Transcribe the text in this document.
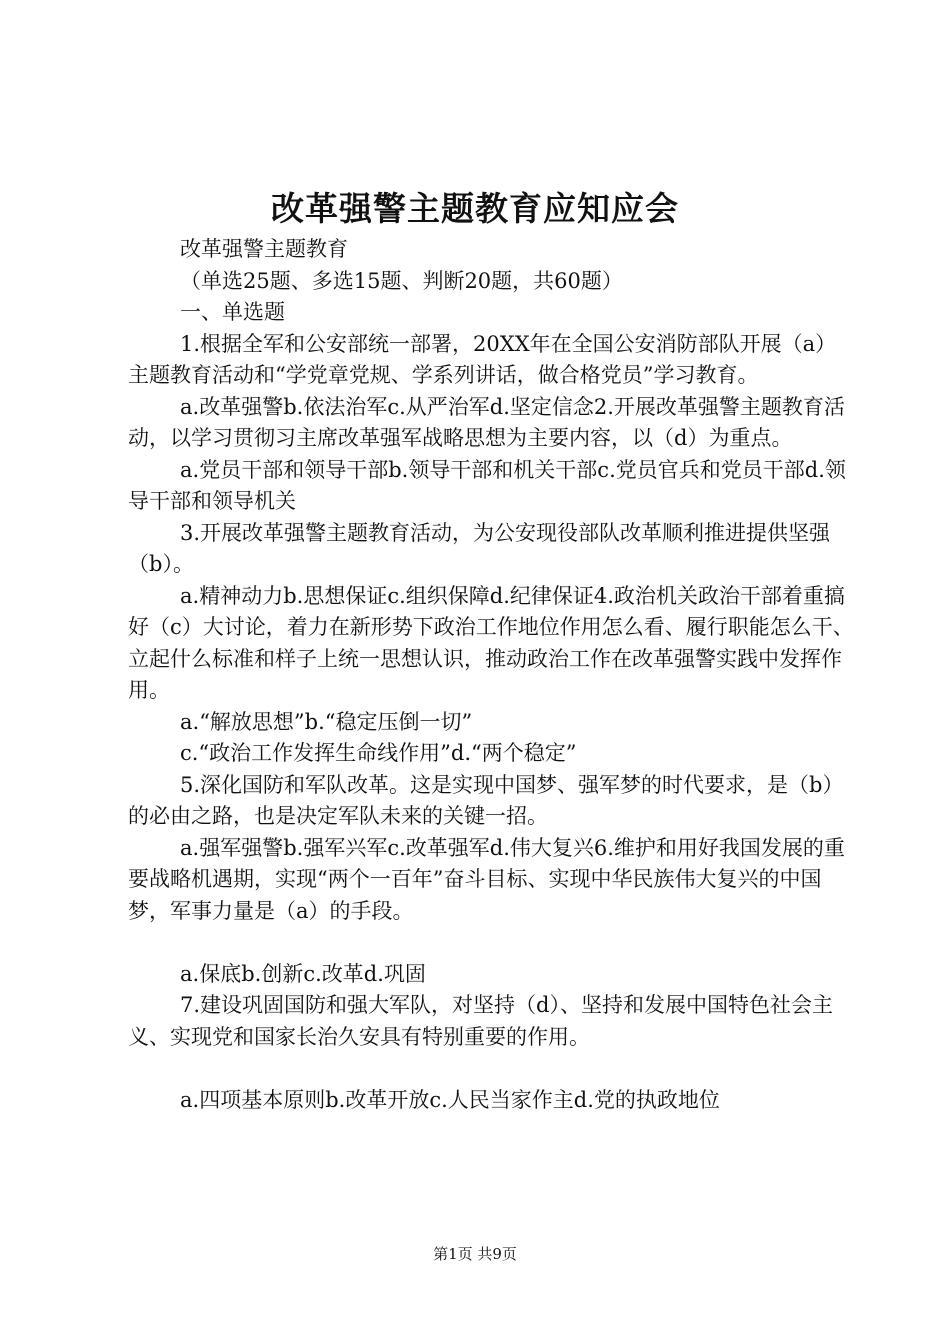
改革强警主题教育应知应会

改革强警主题教育

（单选25题、多选15题、判断20题，共60题）

一、单选题

1.根据全军和公安部统一部署，20XX年在全国公安消防部队开展（a）主题教育活动和“学党章党规、学系列讲话，做合格党员”学习教育。

a.改革强警b.依法治军c.从严治军d.坚定信念2.开展改革强警主题教育活动，以学习贯彻习主席改革强军战略思想为主要内容，以（d）为重点。

a.党员干部和领导干部b.领导干部和机关干部c.党员官兵和党员干部d.领导干部和领导机关

3.开展改革强警主题教育活动，为公安现役部队改革顺利推进提供坚强（b）。

a.精神动力b.思想保证c.组织保障d.纪律保证4.政治机关政治干部着重搞好（c）大讨论，着力在新形势下政治工作地位作用怎么看、履行职能怎么干、立起什么标准和样子上统一思想认识，推动政治工作在改革强警实践中发挥作用。

a.“解放思想”b.“稳定压倒一切”

c.“政治工作发挥生命线作用”d.“两个稳定”

5.深化国防和军队改革。这是实现中国梦、强军梦的时代要求，是（b）的必由之路，也是决定军队未来的关键一招。

a.强军强警b.强军兴军c.改革强军d.伟大复兴6.维护和用好我国发展的重要战略机遇期，实现“两个一百年”奋斗目标、实现中华民族伟大复兴的中国梦，军事力量是（a）的手段。

a.保底b.创新c.改革d.巩固

7.建设巩固国防和强大军队，对坚持（d）、坚持和发展中国特色社会主义、实现党和国家长治久安具有特别重要的作用。

a.四项基本原则b.改革开放c.人民当家作主d.党的执政地位

第1页 共9页
